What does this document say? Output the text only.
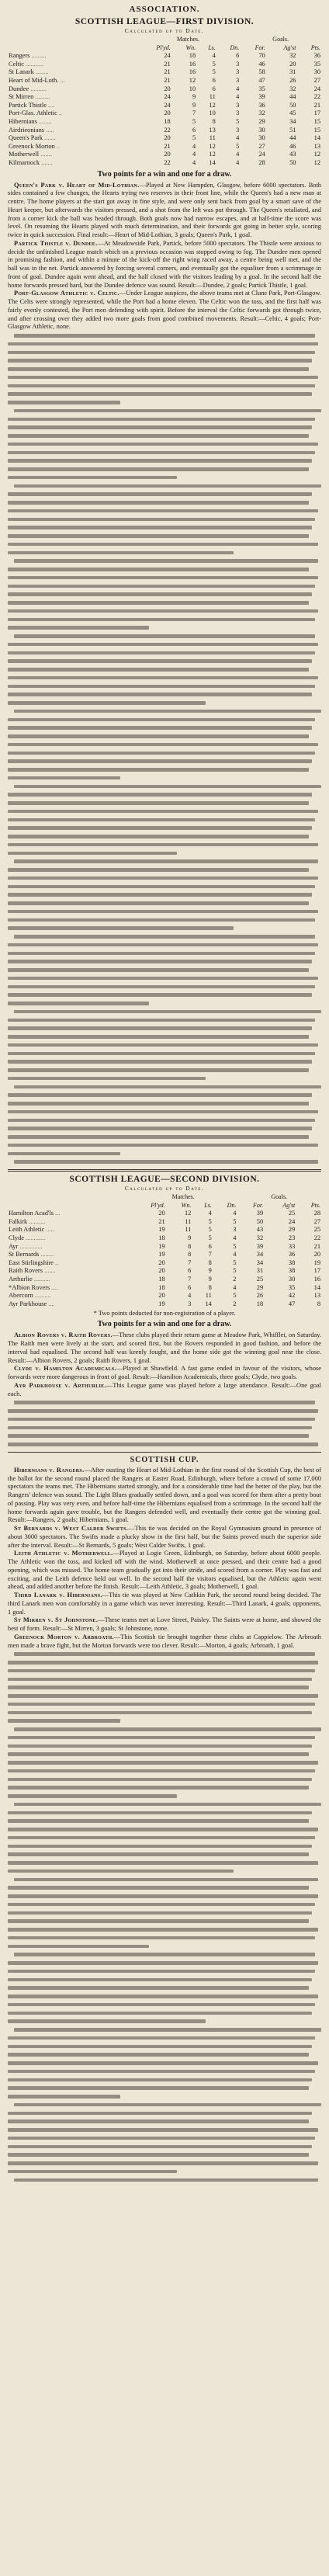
ASSOCIATION.
SCOTTISH LEAGUE—FIRST DIVISION.
Calculated up to Date.
	Matches.				Goals.		
	Pl'yd.	Wn.	Ls.	Dn.	For.	Ag'st	Pts.
Rangers .........	24	18	4	6	70	32	36
Celtic ...........	21	16	5	3	46	20	35
St Lanark ........	21	16	5	3	58	31	30
Heart of Mid-Loth. ...	21	12	6	3	47	26	27
Dundee ..........	20	10	6	4	35	32	24
St Mirren .........	24	9	11	4	39	44	22
Partick Thistle ....	24	9	12	3	36	50	21
Port-Glas. Athletic ..	20	7	10	3	32	45	17
Hibernians ........	18	5	8	5	29	34	15
Airdrieonians .....	22	6	13	3	30	51	15
Queen's Park .......	20	5	11	4	30	44	14
Greenock Morton ..	21	4	12	5	27	46	13
Motherwell .......	20	4	12	4	24	43	12
Kilmarnock .......	22	4	14	4	28	50	12
Two points for a win and one for a draw.

Queen's Park v. Heart of Mid-Lothian.—Played at New Hampden, Glasgow, before 6000 spectators. Both sides contained a few changes, the Hearts trying two reserves in their front line, while the Queen's had a new man at centre. The home players at the start got away in fine style, and were only sent back from goal by a smart save of the Heart keeper, but afterwards the visitors pressed, and a shot from the left was put through. The Queen's retaliated, and from a corner kick the ball was headed through. Both goals now had narrow escapes, and at half-time the score was level. On resuming the Hearts played with much determination, and their forwards got going in better style, scoring twice in quick succession. Final result:—Heart of Mid-Lothian, 3 goals; Queen's Park, 1 goal.

Partick Thistle v. Dundee.—At Meadowside Park, Partick, before 5000 spectators. The Thistle were anxious to decide the unfinished League match which on a previous occasion was stopped owing to fog. The Dundee men opened in promising fashion, and within a minute of the kick-off the right wing raced away, a centre being well met, and the ball was in the net. Partick answered by forcing several corners, and eventually got the equaliser from a scrimmage in front of goal. Dundee again went ahead, and the half closed with the visitors leading by a goal. In the second half the home forwards pressed hard, but the Dundee defence was sound. Result:—Dundee, 2 goals; Partick Thistle, 1 goal.

Port-Glasgow Athletic v. Celtic.—Under League auspices, the above teams met at Clune Park, Port-Glasgow. The Celts were strongly represented, while the Port had a home eleven. The Celtic won the toss, and the first half was fairly evenly contested, the Port men defending with spirit. Before the interval the Celtic forwards got through twice, and after crossing over they added two more goals from good combined movements. Result:—Celtic, 4 goals; Port-Glasgow Athletic, none.

SCOTTISH LEAGUE—SECOND DIVISION.
Calculated up to Date.
	Matches.				Goals.		
	Pl'yd.	Wn.	Ls.	Dn.	For.	Ag'st	Pts.
Hamilton Acad'ls ...	20	12	4	4	39	25	28
Falkirk ..........	21	11	5	5	50	24	27
Leith Athletic .....	19	11	5	3	43	29	25
Clyde ............	18	9	5	4	32	23	22
Ayr ..............	19	8	6	5	39	33	21
St Bernards ........	19	8	7	4	34	36	20
East Stirlingshire ..	20	7	8	5	34	38	19
Raith Rovers .......	20	6	9	5	31	38	17
Arthurlie ..........	18	7	9	2	25	30	16
*Albion Rovers ....	18	6	8	4	29	35	14
Abercorn ..........	20	4	11	5	26	42	13
Ayr Parkhouse ....	19	3	14	2	18	47	8
* Two points deducted for non-registration of a player.
Two points for a win and one for a draw.

Albion Rovers v. Raith Rovers.—These clubs played their return game at Meadow Park, Whifflet, on Saturday. The Raith men were lively at the start, and scored first, but the Rovers responded in good fashion, and before the interval had equalised. The second half was keenly fought, and the home side got the winning goal near the close. Result:—Albion Rovers, 2 goals; Raith Rovers, 1 goal.

Clyde v. Hamilton Academicals.—Played at Shawfield. A fast game ended in favour of the visitors, whose forwards were more dangerous in front of goal. Result:—Hamilton Academicals, three goals; Clyde, two goals.

Ayr Parkhouse v. Arthurlie.—This League game was played before a large attendance. Result:—One goal each.

SCOTTISH CUP.

Hibernians v. Rangers.—After ousting the Heart of Mid-Lothian in the first round of the Scottish Cup, the best of the ballot for the second round placed the Rangers at Easter Road, Edinburgh, where before a crowd of some 17,000 spectators the teams met. The Hibernians started strongly, and for a considerable time had the better of the play, but the Rangers' defence was sound. The Light Blues gradually settled down, and a goal was scored for them after a pretty bout of passing. Play was very even, and before half-time the Hibernians equalised from a scrimmage. In the second half the home forwards again gave trouble, but the Rangers defended well, and eventually their centre got the winning goal. Result:—Rangers, 2 goals; Hibernians, 1 goal.

St Bernards v. West Calder Swifts.—This tie was decided on the Royal Gymnasium ground in presence of about 3000 spectators. The Swifts made a plucky show in the first half, but the Saints proved much the superior side after the interval. Result:—St Bernards, 5 goals; West Calder Swifts, 1 goal.

Leith Athletic v. Motherwell.—Played at Logie Green, Edinburgh, on Saturday, before about 6000 people. The Athletic won the toss, and kicked off with the wind. Motherwell at once pressed, and their centre had a good opening, which was missed. The home team gradually got into their stride, and scored from a corner. Play was fast and exciting, and the Leith defence held out well. In the second half the visitors equalised, but the Athletic again went ahead, and added another before the finish. Result:—Leith Athletic, 3 goals; Motherwell, 1 goal.

Third Lanark v. Hibernians.—This tie was played at New Cathkin Park, the second round being decided. The third Lanark men won comfortably in a game which was never interesting. Result:—Third Lanark, 4 goals; opponents, 1 goal.

St Mirren v. St Johnstone.—These teams met at Love Street, Paisley. The Saints were at home, and showed the best of form. Result:—St Mirren, 3 goals; St Johnstone, none.

Greenock Morton v. Arbroath.—This Scottish tie brought together these clubs at Cappielow. The Arbroath men made a brave fight, but the Morton forwards were too clever. Result:—Morton, 4 goals; Arbroath, 1 goal.
